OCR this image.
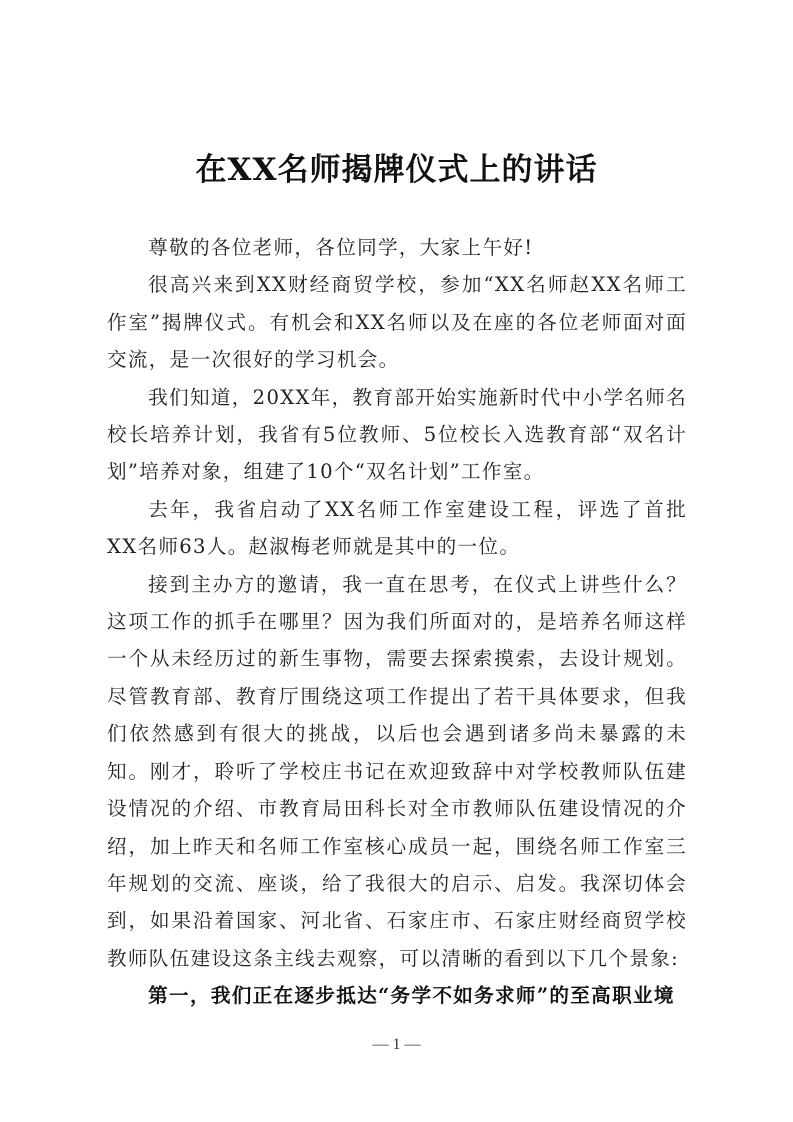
在XX名师揭牌仪式上的讲话

尊敬的各位老师，各位同学，大家上午好!

很高兴来到XX财经商贸学校，参加“XX名师赵XX名师工作室”揭牌仪式。有机会和XX名师以及在座的各位老师面对面交流，是一次很好的学习机会。

我们知道，20XX年，教育部开始实施新时代中小学名师名校长培养计划，我省有5位教师、5位校长入选教育部“双名计划”培养对象，组建了10个“双名计划”工作室。

去年，我省启动了XX名师工作室建设工程，评选了首批XX名师63人。赵淑梅老师就是其中的一位。

接到主办方的邀请，我一直在思考，在仪式上讲些什么？这项工作的抓手在哪里？因为我们所面对的，是培养名师这样一个从未经历过的新生事物，需要去探索摸索，去设计规划。尽管教育部、教育厅围绕这项工作提出了若干具体要求，但我们依然感到有很大的挑战，以后也会遇到诸多尚未暴露的未知。刚才，聆听了学校庄书记在欢迎致辞中对学校教师队伍建设情况的介绍、市教育局田科长对全市教师队伍建设情况的介绍，加上昨天和名师工作室核心成员一起，围绕名师工作室三年规划的交流、座谈，给了我很大的启示、启发。我深切体会到，如果沿着国家、河北省、石家庄市、石家庄财经商贸学校教师队伍建设这条主线去观察，可以清晰的看到以下几个景象:

第一，我们正在逐步抵达“务学不如务求师”的至高职业境

— 1 —
